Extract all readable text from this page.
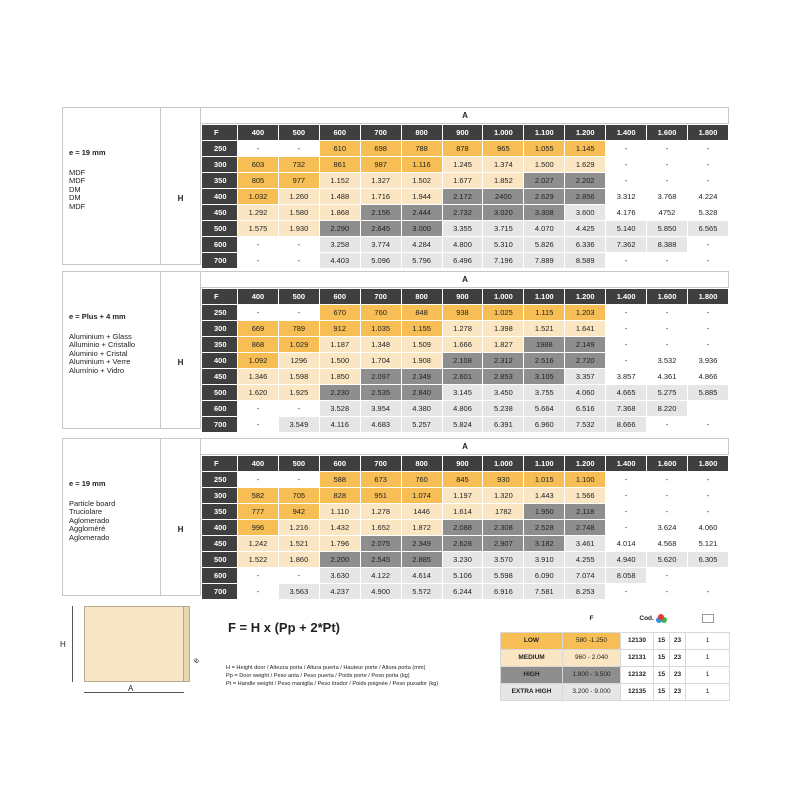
e = 19 mm
MDF
MDF
DM
DM
MDF
H
A
F	400	500	600	700	800	900	1.000	1.100	1.200	1.400	1.600	1.800
250	-	-	610	698	788	878	965	1.055	1.145	-	-	-
300	603	732	861	987	1.116	1.245	1.374	1.500	1.629	-	-	-
350	805	977	1.152	1.327	1.502	1.677	1.852	2.027	2.202	-	-	-
400	1.032	1.260	1.488	1.716	1.944	2.172	2400	2.629	2.856	3.312	3.768	4.224
450	1.292	1.580	1.868	2.156	2.444	2.732	3.020	3.308	3.600	4.176	4752	5.328
500	1.575	1.930	2.290	2.645	3.000	3.355	3.715	4.070	4.425	5.140	5.850	6.565
600	-	-	3.258	3.774	4.284	4.800	5.310	5.826	6.336	7.362	8.388	-
700	-	-	4.403	5.096	5.796	6.496	7.196	7.889	8.589	-	-	-
e = Plus + 4 mm
Aluminium + Glass
Alluminio + Cristallo
Aluminio + Cristal
Aluminium + Verre
Alumínio + Vidro
H
A
F	400	500	600	700	800	900	1.000	1.100	1.200	1.400	1.600	1.800
250	-	-	670	760	848	938	1.025	1.115	1.203	-	-	-
300	669	789	912	1.035	1.155	1.278	1.398	1.521	1.641	-	-	-
350	868	1.029	1.187	1.348	1.509	1.666	1.827	1988	2.149	-	-	-
400	1.092	1296	1.500	1.704	1.908	2.108	2.312	2.516	2.720	-	3.532	3.936
450	1.346	1.598	1.850	2.097	2.349	2.601	2.853	3.105	3.357	3.857	4.361	4.866
500	1.620	1.925	2.230	2.535	2.840	3.145	3.450	3.755	4.060	4.665	5.275	5.885
600	-	-	3.528	3.954	4.380	4.806	5.238	5.664	6.516	7.368	8.220	
700	-	3.549	4.116	4.683	5.257	5.824	6.391	6.960	7.532	8.666	-	-
e = 19 mm
Particle board
Truciolare
Aglomerado
Aggloméré
Aglomerado
H
A
F	400	500	600	700	800	900	1.000	1.100	1.200	1.400	1.600	1.800
250	-	-	588	673	760	845	930	1.015	1.100	-	-	-
300	582	705	828	951	1.074	1.197	1.320	1.443	1.566	-	-	-
350	777	942	1.110	1.278	1446	1.614	1782	1.950	2.118	-	-	-
400	996	1.216	1.432	1.652	1.872	2.088	2.308	2.528	2.748	-	3.624	4.060
450	1.242	1.521	1.796	2.075	2.349	2.628	2.907	3.182	3.461	4.014	4.568	5.121
500	1.522	1.860	2.200	2.545	2.885	3.230	3.570	3.910	4.255	4.940	5.620	6.305
600	-	-	3.630	4.122	4.614	5.106	5.598	6.090	7.074	8.058	-	
700	-	3.563	4.237	4.900	5.572	6.244	6.916	7.581	8.253	-	-	-
H
e
A
F = H x (Pp + 2*Pt)
H = Height door / Altezza porta / Altura puerta / Hauteur porte / Altura porta (mm)
Pp = Door weight / Peso anta / Peso puerta / Poids porte / Peso porta (kg)
Pt = Handle weight / Peso maniglia / Peso tirador / Poids poignée / Peso puxador (kg)
	F	Cod.		

LOW	580 -1.250	12130	15	23	1
MEDIUM	960 - 2.040	12131	15	23	1
HIGH	1.800 - 3.500	12132	15	23	1
EXTRA HIGH	3.200 - 9.000	12135	15	23	1
